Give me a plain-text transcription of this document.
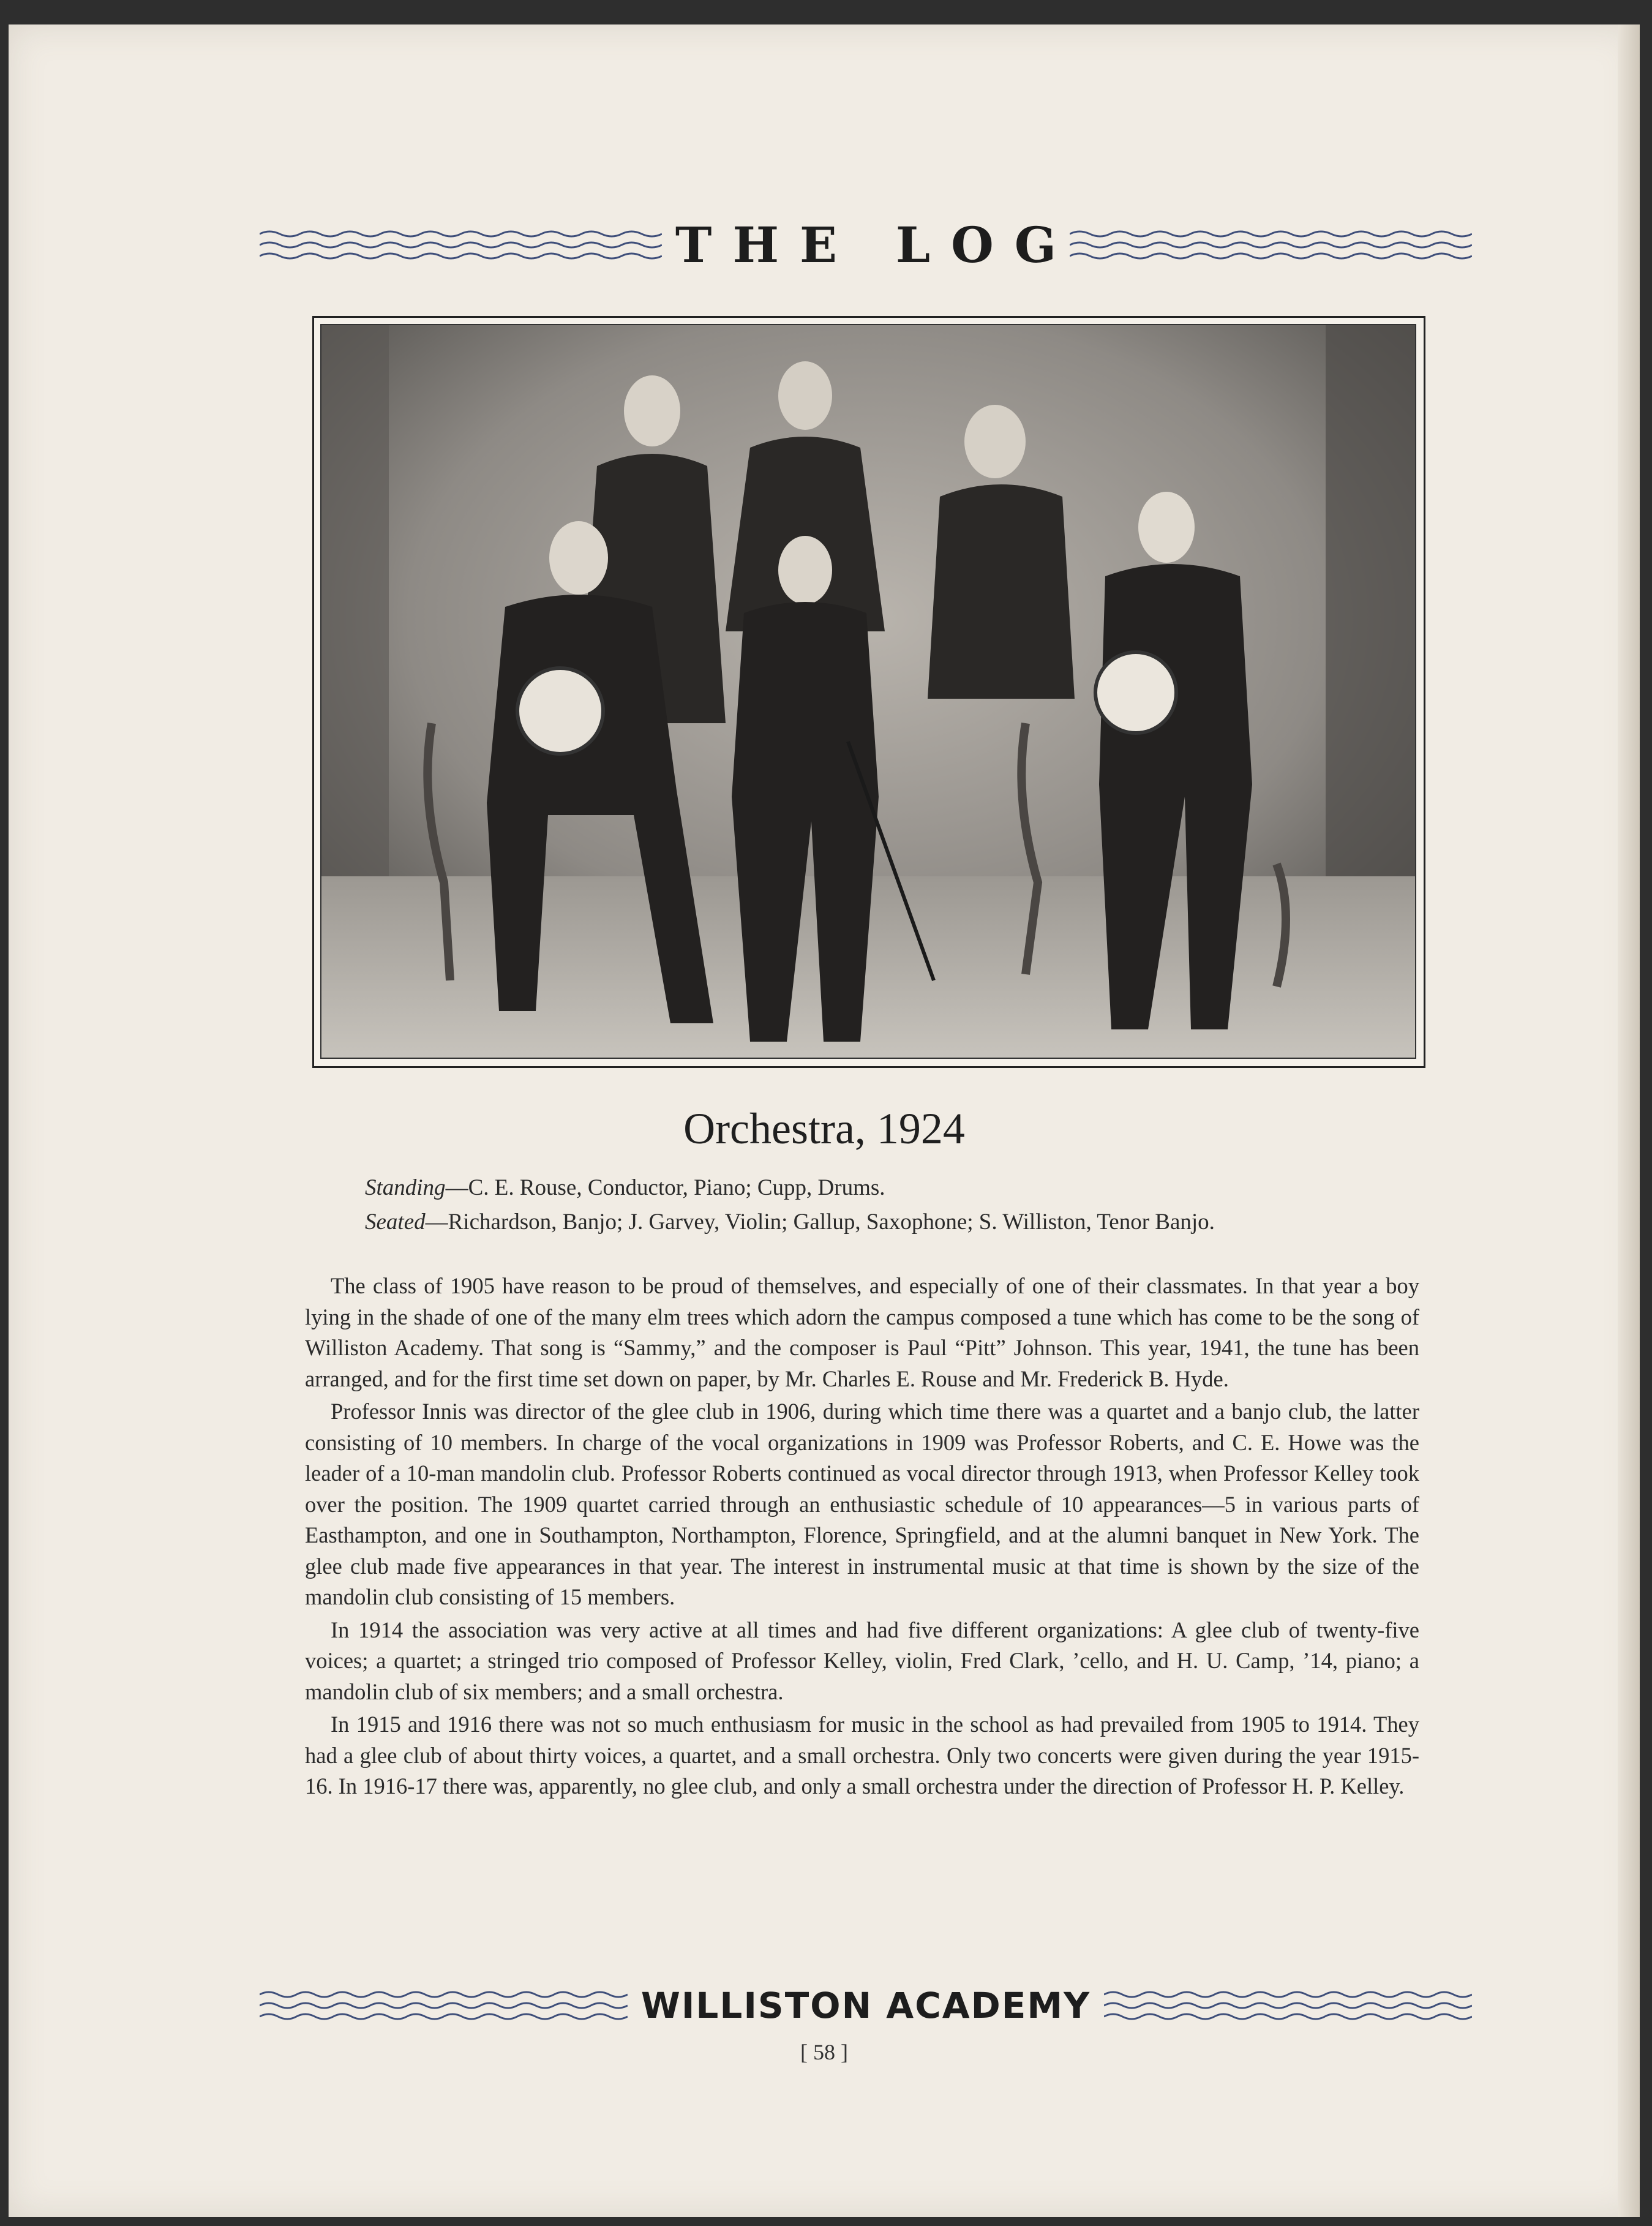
THE LOG
Orchestra, 1924
Standing—C. E. Rouse, Conductor, Piano; Cupp, Drums.
Seated—Richardson, Banjo; J. Garvey, Violin; Gallup, Saxophone; S. Williston, Tenor Banjo.

The class of 1905 have reason to be proud of themselves, and especially of one of their classmates. In that year a boy lying in the shade of one of the many elm trees which adorn the campus composed a tune which has come to be the song of Williston Academy. That song is “Sammy,” and the composer is Paul “Pitt” Johnson. This year, 1941, the tune has been arranged, and for the first time set down on paper, by Mr. Charles E. Rouse and Mr. Frederick B. Hyde.

Professor Innis was director of the glee club in 1906, during which time there was a quartet and a banjo club, the latter consisting of 10 members. In charge of the vocal organizations in 1909 was Professor Roberts, and C. E. Howe was the leader of a 10-man mandolin club. Professor Roberts continued as vocal director through 1913, when Professor Kelley took over the position. The 1909 quartet carried through an enthusiastic schedule of 10 appearances—5 in various parts of Easthampton, and one in Southampton, Northampton, Florence, Springfield, and at the alumni banquet in New York. The glee club made five appearances in that year. The interest in instrumental music at that time is shown by the size of the mandolin club consisting of 15 members.

In 1914 the association was very active at all times and had five different organizations: A glee club of twenty-five voices; a quartet; a stringed trio composed of Professor Kelley, violin, Fred Clark, ’cello, and H. U. Camp, ’14, piano; a mandolin club of six members; and a small orchestra.

In 1915 and 1916 there was not so much enthusiasm for music in the school as had prevailed from 1905 to 1914. They had a glee club of about thirty voices, a quartet, and a small orchestra. Only two concerts were given during the year 1915-16. In 1916-17 there was, apparently, no glee club, and only a small orchestra under the direction of Professor H. P. Kelley.

WILLISTON ACADEMY
[ 58 ]
